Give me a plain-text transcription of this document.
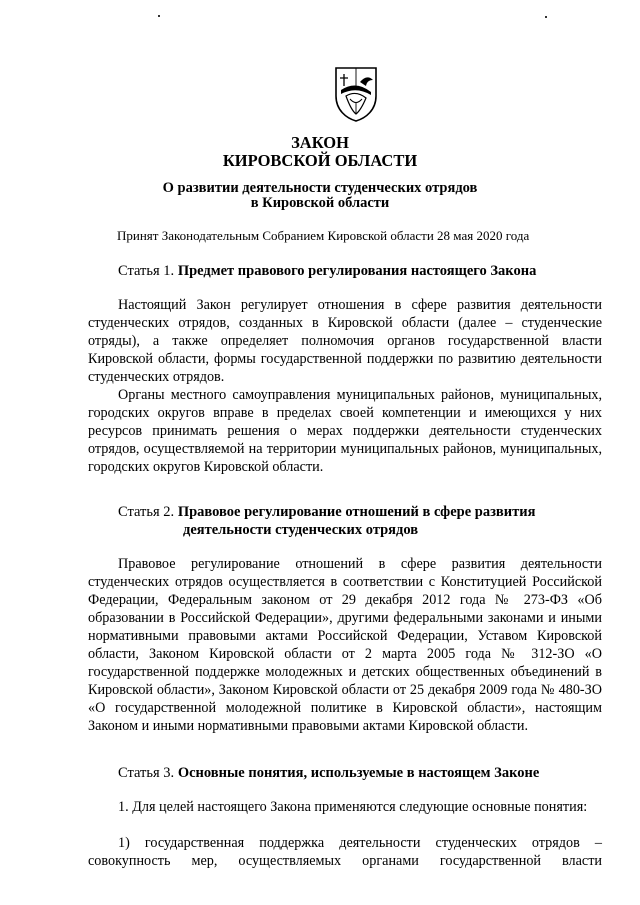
ЗАКОН
КИРОВСКОЙ ОБЛАСТИ
О развитии деятельности студенческих отрядов
в Кировской области
Принят Законодательным Собранием Кировской области 28 мая 2020 года
Статья 1. Предмет правового регулирования настоящего Закона
Настоящий Закон регулирует отношения в сфере развития деятельности студенческих отрядов, созданных в Кировской области (далее – студенческие отряды), а также определяет полномочия органов государственной власти Кировской области, формы государственной поддержки по развитию деятельности студенческих отрядов.
Органы местного самоуправления муниципальных районов, муниципальных, городских округов вправе в пределах своей компетенции и имеющихся у них ресурсов принимать решения о мерах поддержки деятельности студенческих отрядов, осуществляемой на территории муниципальных районов, муниципальных, городских округов Кировской области.
Статья 2. Правовое регулирование отношений в сфере развития
деятельности студенческих отрядов
Правовое регулирование отношений в сфере развития деятельности студенческих отрядов осуществляется в соответствии с Конституцией Российской Федерации, Федеральным законом от 29 декабря 2012 года № 273-ФЗ «Об образовании в Российской Федерации», другими федеральными законами и иными нормативными правовыми актами Российской Федерации, Уставом Кировской области, Законом Кировской области от 2 марта 2005 года № 312-ЗО «О государственной поддержке молодежных и детских общественных объединений в Кировской области», Законом Кировской области от 25 декабря 2009 года № 480-ЗО «О государственной молодежной политике в Кировской области», настоящим Законом и иными нормативными правовыми актами Кировской области.
Статья 3. Основные понятия, используемые в настоящем Законе
1. Для целей настоящего Закона применяются следующие основные понятия:
1) государственная поддержка деятельности студенческих отрядов – совокупность мер, осуществляемых органами государственной власти
